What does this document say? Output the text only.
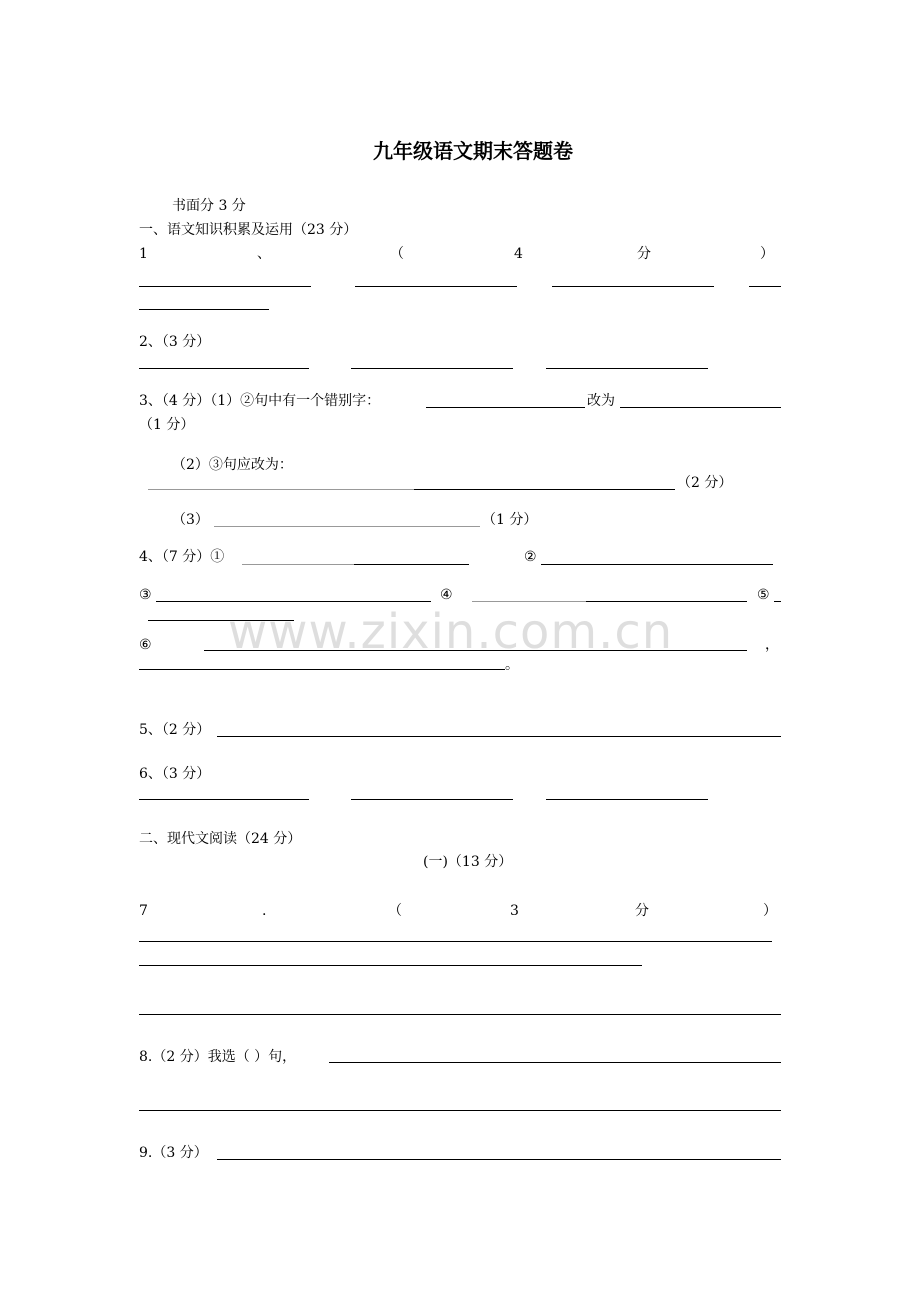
九年级语文期末答题卷
书面分 3 分
一、语文知识积累及运用（23 分）
1	、	（	4	分	）
2、（3 分）
3、（4 分）（1）②句中有一个错别字：	改为
（1 分）
（2）③句应改为：
（2 分）
（3）	（1 分）
4、（7 分）①	②
③	④	⑤
⑥	，
。
5、（2 分）
6、（3 分）
二、现代文阅读（24 分）
(一)（13 分）
7	.	（	3	分	）
8.（2 分）我选（ ）句，
9.（3 分）
www.zixin.com.cn
